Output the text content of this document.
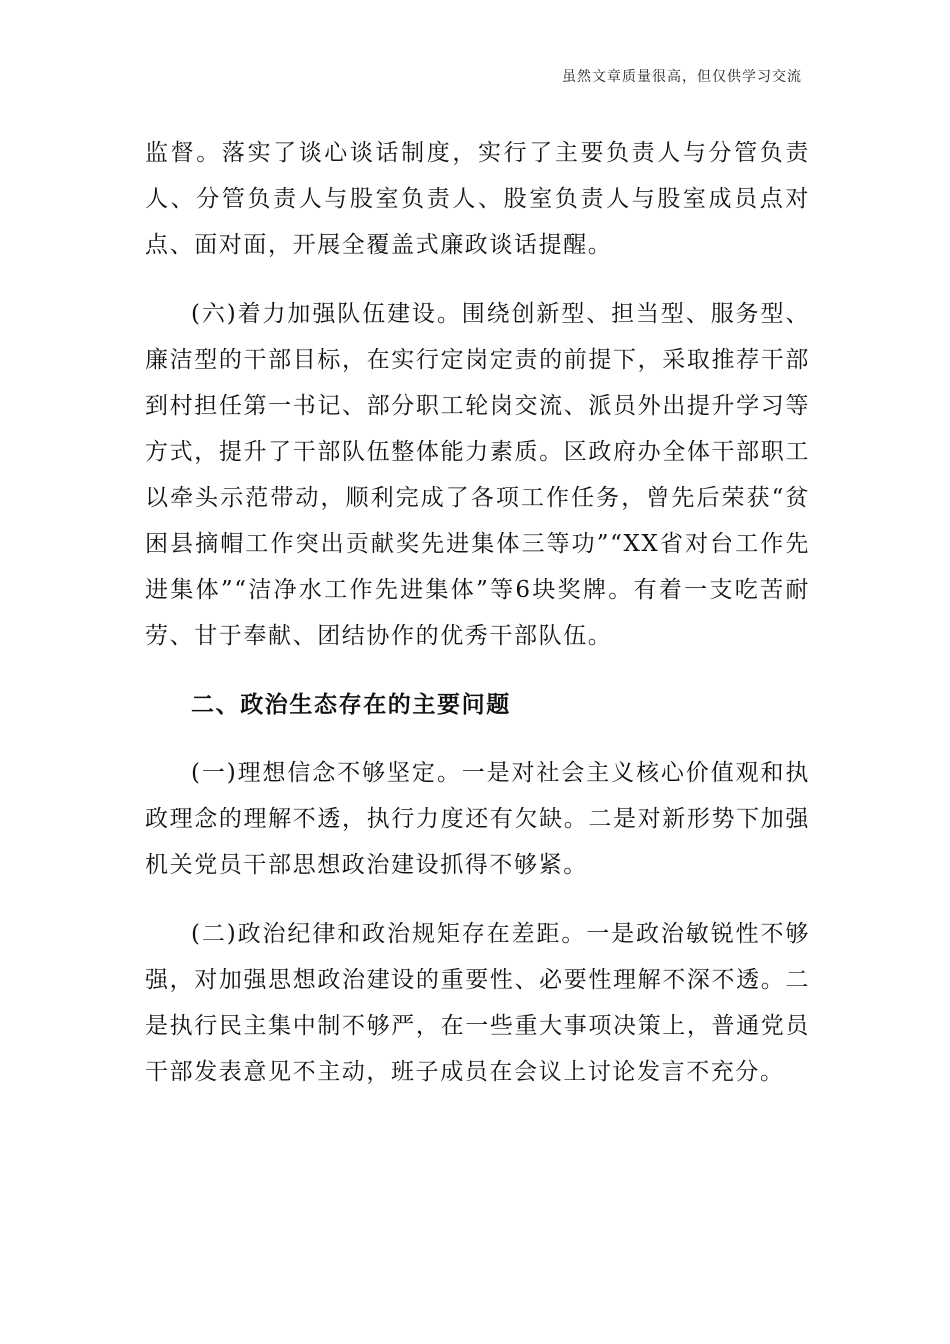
虽然文章质量很高，但仅供学习交流

监督。落实了谈心谈话制度，实行了主要负责人与分管负责人、分管负责人与股室负责人、股室负责人与股室成员点对点、面对面，开展全覆盖式廉政谈话提醒。

(六)着力加强队伍建设。围绕创新型、担当型、服务型、廉洁型的干部目标，在实行定岗定责的前提下，采取推荐干部到村担任第一书记、部分职工轮岗交流、派员外出提升学习等方式，提升了干部队伍整体能力素质。区政府办全体干部职工以牵头示范带动，顺利完成了各项工作任务，曾先后荣获“贫困县摘帽工作突出贡献奖先进集体三等功”“XX省对台工作先进集体”“洁净水工作先进集体”等6块奖牌。有着一支吃苦耐劳、甘于奉献、团结协作的优秀干部队伍。

二、政治生态存在的主要问题

(一)理想信念不够坚定。一是对社会主义核心价值观和执政理念的理解不透，执行力度还有欠缺。二是对新形势下加强机关党员干部思想政治建设抓得不够紧。

(二)政治纪律和政治规矩存在差距。一是政治敏锐性不够强，对加强思想政治建设的重要性、必要性理解不深不透。二是执行民主集中制不够严，在一些重大事项决策上，普通党员干部发表意见不主动，班子成员在会议上讨论发言不充分。
